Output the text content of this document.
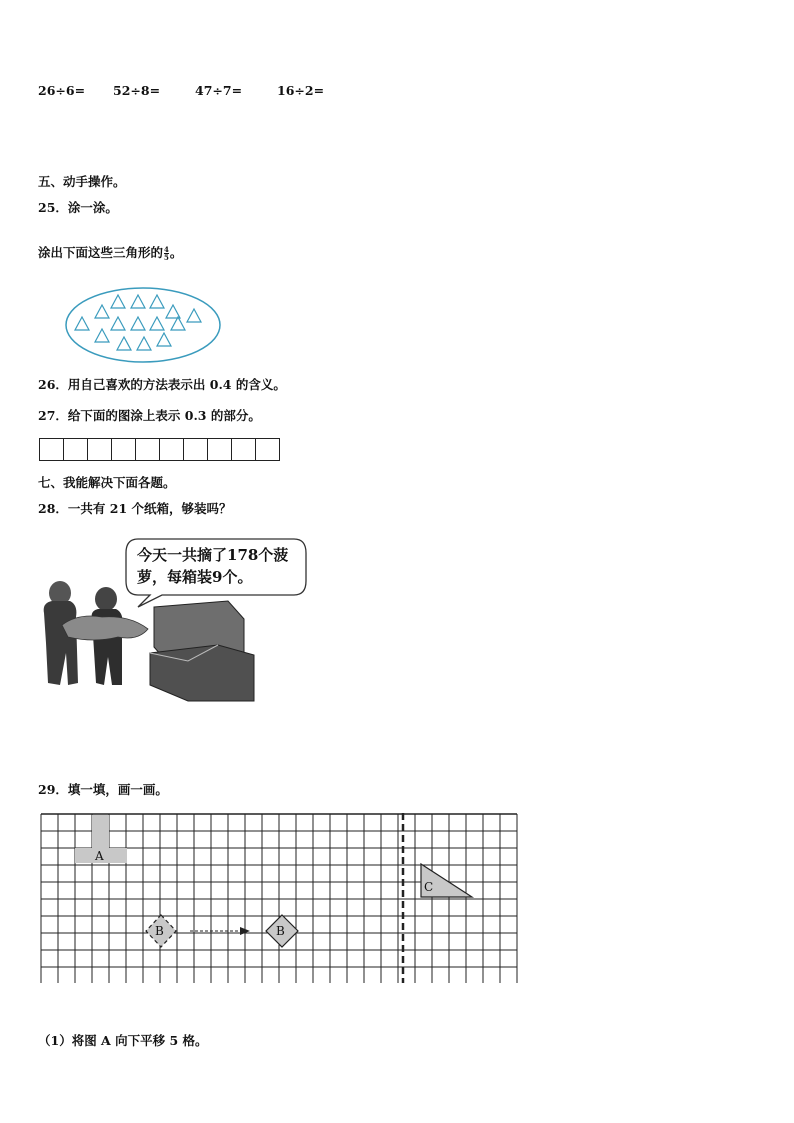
26÷6= 52÷8=	47÷7=	16÷2=
五、动手操作。
25．涂一涂。
涂出下面这些三角形的 $\frac{4}{5}$ 。
26．用自己喜欢的方法表示出 0.4 的含义。
27．给下面的图涂上表示 0.3 的部分。
七、我能解决下面各题。
28．一共有 21 个纸箱，够装吗？
今天一共摘了178个菠萝，每箱装9个。
29．填一填，画一画。
A
B	B
C
（1）将图 A 向下平移 5 格。
